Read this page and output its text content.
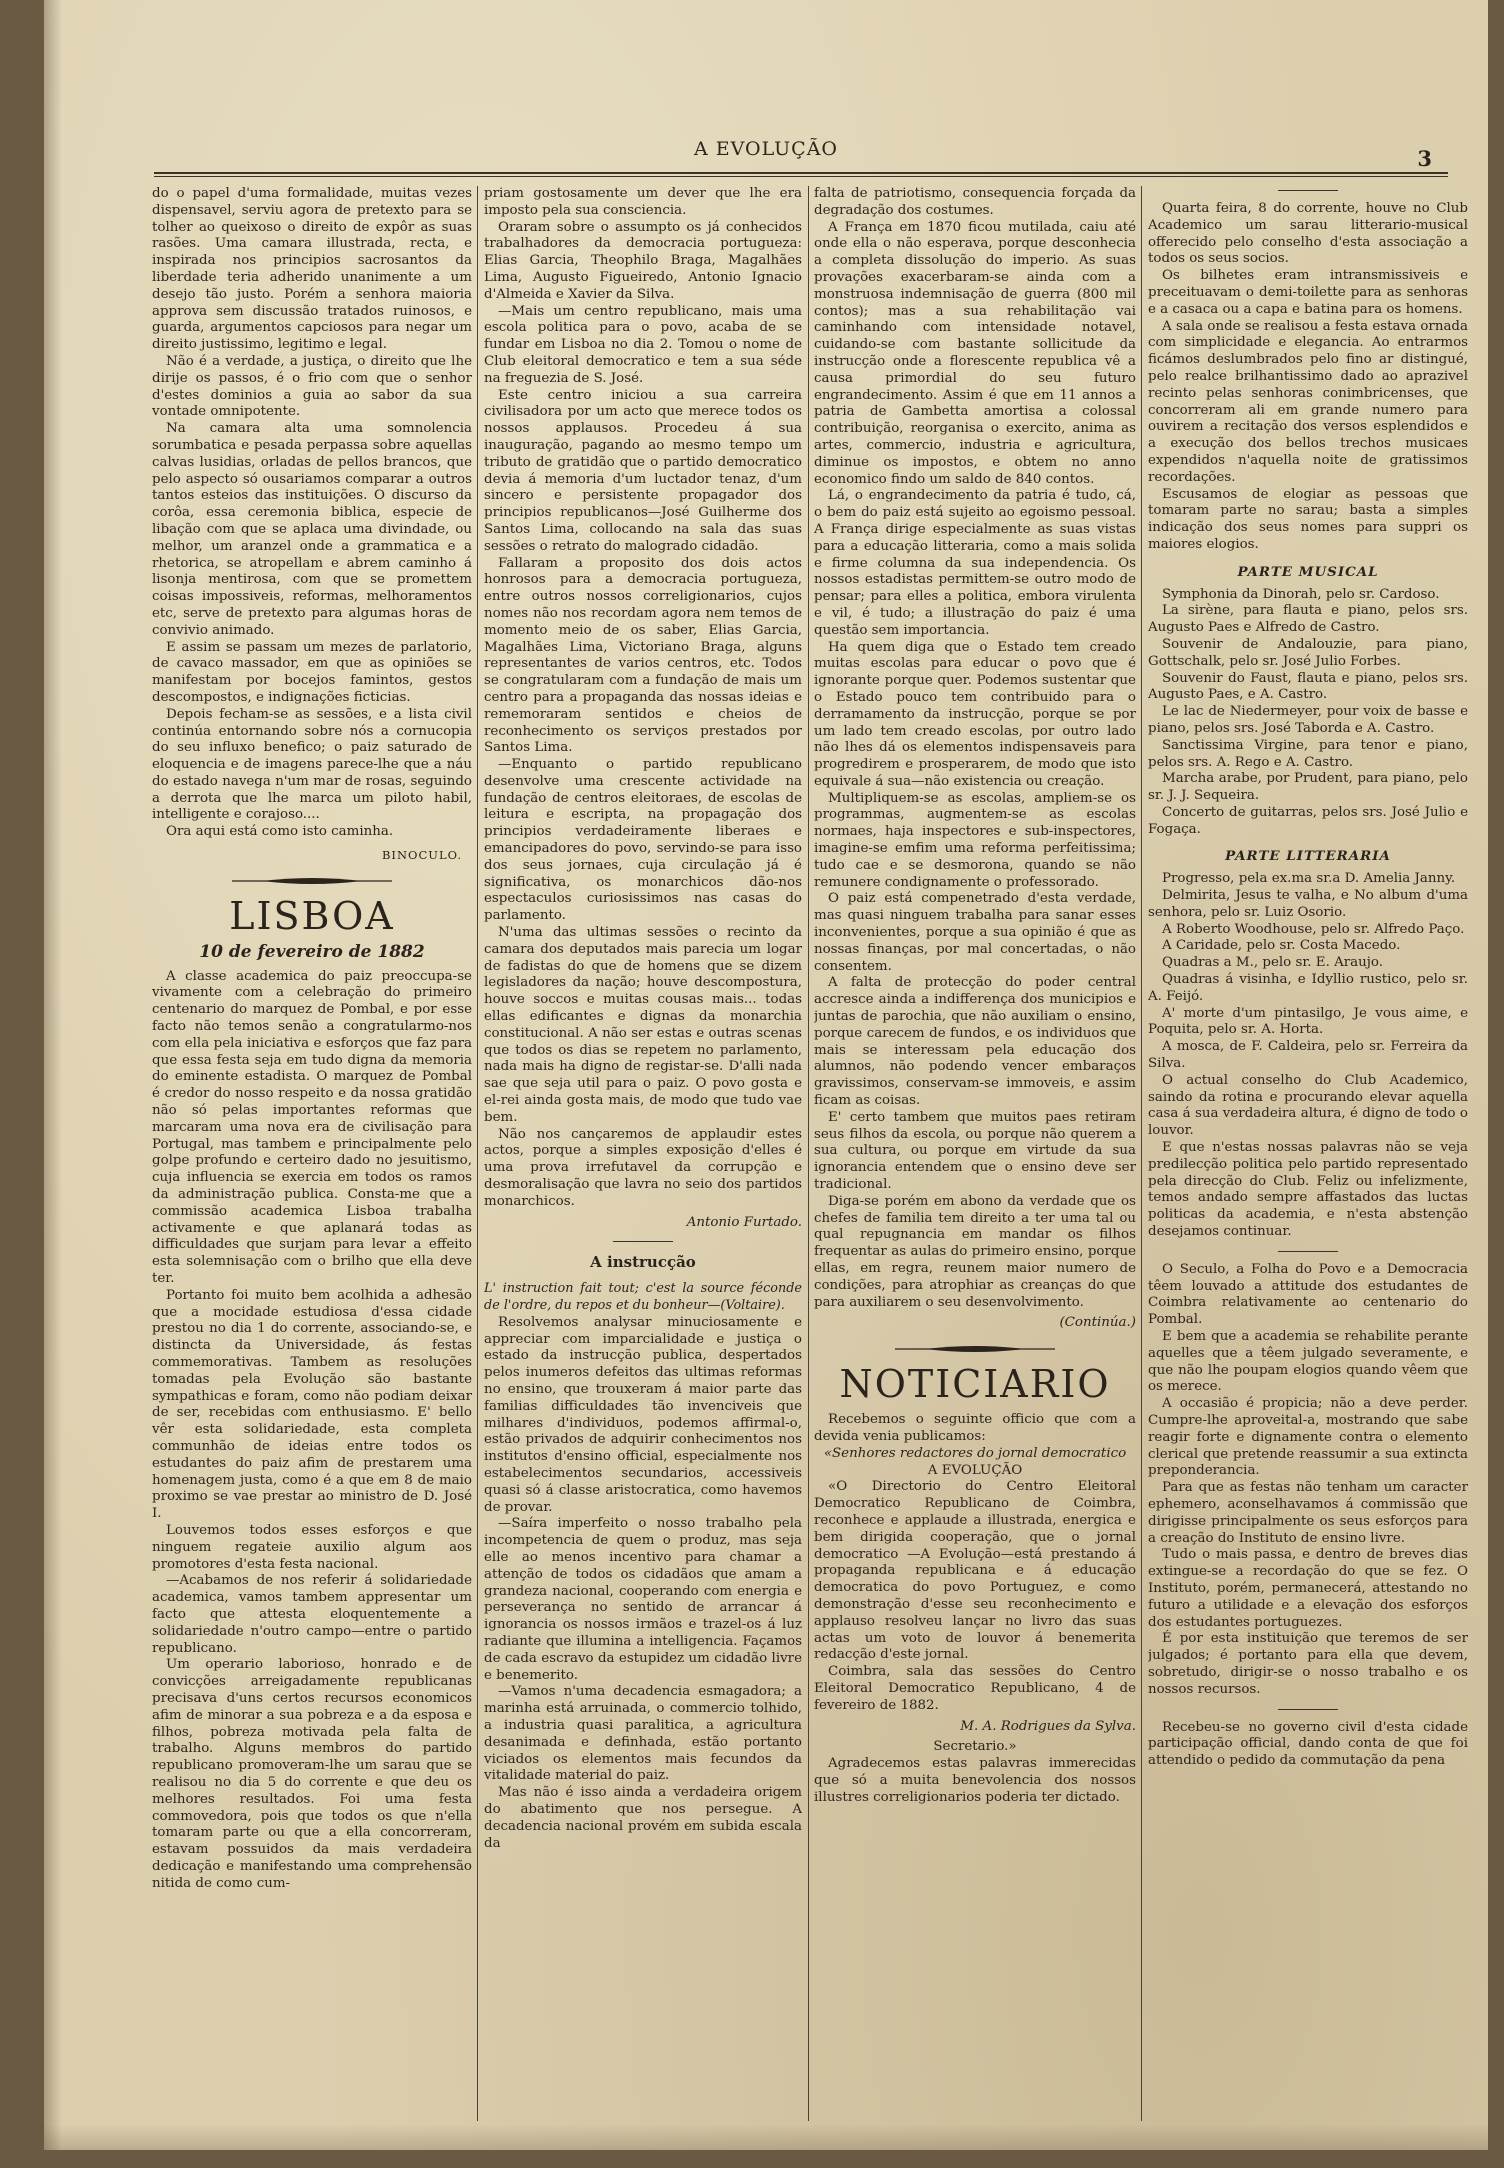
A EVOLUÇÃO	3

do o papel d'uma formalidade, muitas vezes dispensavel, serviu agora de pretexto para se tolher ao queixoso o direito de expôr as suas rasões. Uma camara illustrada, recta, e inspirada nos principios sacrosantos da liberdade teria adherido unanimente a um desejo tão justo. Porém a senhora maioria approva sem discussão tratados ruinosos, e guarda, argumentos capciosos para negar um direito justissimo, legitimo e legal.

Não é a verdade, a justiça, o direito que lhe dirije os passos, é o frio com que o senhor d'estes dominios a guia ao sabor da sua vontade omnipotente.

Na camara alta uma somnolencia sorumbatica e pesada perpassa sobre aquellas calvas lusidias, orladas de pellos brancos, que pelo aspecto só ousariamos comparar a outros tantos esteios das instituições. O discurso da corôa, essa ceremonia biblica, especie de libação com que se aplaca uma divindade, ou melhor, um aranzel onde a grammatica e a rhetorica, se atropellam e abrem caminho á lisonja mentirosa, com que se promettem coisas impossiveis, reformas, melhoramentos etc, serve de pretexto para algumas horas de convivio animado.

E assim se passam um mezes de parlatorio, de cavaco massador, em que as opiniões se manifestam por bocejos famintos, gestos descompostos, e indignações ficticias.

Depois fecham-se as sessões, e a lista civil continúa entornando sobre nós a cornucopia do seu influxo benefico; o paiz saturado de eloquencia e de imagens parece-lhe que a náu do estado navega n'um mar de rosas, seguindo a derrota que lhe marca um piloto habil, intelligente e corajoso....

Ora aqui está como isto caminha.

BINOCULO.
LISBOA
10 de fevereiro de 1882

A classe academica do paiz preoccupa-se vivamente com a celebração do primeiro centenario do marquez de Pombal, e por esse facto não temos senão a congratularmo-nos com ella pela iniciativa e esforços que faz para que essa festa seja em tudo digna da memoria do eminente estadista. O marquez de Pombal é credor do nosso respeito e da nossa gratidão não só pelas importantes reformas que marcaram uma nova era de civilisação para Portugal, mas tambem e principalmente pelo golpe profundo e certeiro dado no jesuitismo, cuja influencia se exercia em todos os ramos da administração publica. Consta-me que a commissão academica Lisboa trabalha activamente e que aplanará todas as difficuldades que surjam para levar a effeito esta solemnisação com o brilho que ella deve ter.

Portanto foi muito bem acolhida a adhesão que a mocidade estudiosa d'essa cidade prestou no dia 1 do corrente, associando-se, e distincta da Universidade, ás festas commemorativas. Tambem as resoluções tomadas pela Evolução são bastante sympathicas e foram, como não podiam deixar de ser, recebidas com enthusiasmo. E' bello vêr esta solidariedade, esta completa communhão de ideias entre todos os estudantes do paiz afim de prestarem uma homenagem justa, como é a que em 8 de maio proximo se vae prestar ao ministro de D. José I.

Louvemos todos esses esforços e que ninguem regateie auxilio algum aos promotores d'esta festa nacional.

—Acabamos de nos referir á solidariedade academica, vamos tambem appresentar um facto que attesta eloquentemente a solidariedade n'outro campo—entre o partido republicano.

Um operario laborioso, honrado e de convicções arreigadamente republicanas precisava d'uns certos recursos economicos afim de minorar a sua pobreza e a da esposa e filhos, pobreza motivada pela falta de trabalho. Alguns membros do partido republicano promoveram-lhe um sarau que se realisou no dia 5 do corrente e que deu os melhores resultados. Foi uma festa commovedora, pois que todos os que n'ella tomaram parte ou que a ella concorreram, estavam possuidos da mais verdadeira dedicação e manifestando uma comprehensão nitida de como cum-

priam gostosamente um dever que lhe era imposto pela sua consciencia.

Oraram sobre o assumpto os já conhecidos trabalhadores da democracia portugueza: Elias Garcia, Theophilo Braga, Magalhães Lima, Augusto Figueiredo, Antonio Ignacio d'Almeida e Xavier da Silva.

—Mais um centro republicano, mais uma escola politica para o povo, acaba de se fundar em Lisboa no dia 2. Tomou o nome de Club eleitoral democratico e tem a sua séde na freguezia de S. José.

Este centro iniciou a sua carreira civilisadora por um acto que merece todos os nossos applausos. Procedeu á sua inauguração, pagando ao mesmo tempo um tributo de gratidão que o partido democratico devia á memoria d'um luctador tenaz, d'um sincero e persistente propagador dos principios republicanos—José Guilherme dos Santos Lima, collocando na sala das suas sessões o retrato do malogrado cidadão.

Fallaram a proposito dos dois actos honrosos para a democracia portugueza, entre outros nossos correligionarios, cujos nomes não nos recordam agora nem temos de momento meio de os saber, Elias Garcia, Magalhães Lima, Victoriano Braga, alguns representantes de varios centros, etc. Todos se congratularam com a fundação de mais um centro para a propaganda das nossas ideias e rememoraram sentidos e cheios de reconhecimento os serviços prestados por Santos Lima.

—Enquanto o partido republicano desenvolve uma crescente actividade na fundação de centros eleitoraes, de escolas de leitura e escripta, na propagação dos principios verdadeiramente liberaes e emancipadores do povo, servindo-se para isso dos seus jornaes, cuja circulação já é significativa, os monarchicos dão-nos espectaculos curiosissimos nas casas do parlamento.

N'uma das ultimas sessões o recinto da camara dos deputados mais parecia um logar de fadistas do que de homens que se dizem legisladores da nação; houve descompostura, houve soccos e muitas cousas mais... todas ellas edificantes e dignas da monarchia constitucional. A não ser estas e outras scenas que todos os dias se repetem no parlamento, nada mais ha digno de registar-se. D'alli nada sae que seja util para o paiz. O povo gosta e el-rei ainda gosta mais, de modo que tudo vae bem.

Não nos cançaremos de applaudir estes actos, porque a simples exposição d'elles é uma prova irrefutavel da corrupção e desmoralisação que lavra no seio dos partidos monarchicos.

Antonio Furtado.
A instrucção

L' instruction fait tout; c'est la source féconde de l'ordre, du repos et du bonheur—(Voltaire).

Resolvemos analysar minuciosamente e appreciar com imparcialidade e justiça o estado da instrucção publica, despertados pelos inumeros defeitos das ultimas reformas no ensino, que trouxeram á maior parte das familias difficuldades tão invenciveis que milhares d'individuos, podemos affirmal-o, estão privados de adquirir conhecimentos nos institutos d'ensino official, especialmente nos estabelecimentos secundarios, accessiveis quasi só á classe aristocratica, como havemos de provar.

—Saíra imperfeito o nosso trabalho pela incompetencia de quem o produz, mas seja elle ao menos incentivo para chamar a attenção de todos os cidadãos que amam a grandeza nacional, cooperando com energia e perseverança no sentido de arrancar á ignorancia os nossos irmãos e trazel-os á luz radiante que illumina a intelligencia. Façamos de cada escravo da estupidez um cidadão livre e benemerito.

—Vamos n'uma decadencia esmagadora; a marinha está arruinada, o commercio tolhido, a industria quasi paralitica, a agricultura desanimada e definhada, estão portanto viciados os elementos mais fecundos da vitalidade material do paiz.

Mas não é isso ainda a verdadeira origem do abatimento que nos persegue. A decadencia nacional provém em subida escala da

falta de patriotismo, consequencia forçada da degradação dos costumes.

A França em 1870 ficou mutilada, caiu até onde ella o não esperava, porque desconhecia a completa dissolução do imperio. As suas provações exacerbaram-se ainda com a monstruosa indemnisação de guerra (800 mil contos); mas a sua rehabilitação vai caminhando com intensidade notavel, cuidando-se com bastante sollicitude da instrucção onde a florescente republica vê a causa primordial do seu futuro engrandecimento. Assim é que em 11 annos a patria de Gambetta amortisa a colossal contribuição, reorganisa o exercito, anima as artes, commercio, industria e agricultura, diminue os impostos, e obtem no anno economico findo um saldo de 840 contos.

Lá, o engrandecimento da patria é tudo, cá, o bem do paiz está sujeito ao egoismo pessoal. A França dirige especialmente as suas vistas para a educação litteraria, como a mais solida e firme columna da sua independencia. Os nossos estadistas permittem-se outro modo de pensar; para elles a politica, embora virulenta e vil, é tudo; a illustração do paiz é uma questão sem importancia.

Ha quem diga que o Estado tem creado muitas escolas para educar o povo que é ignorante porque quer. Podemos sustentar que o Estado pouco tem contribuido para o derramamento da instrucção, porque se por um lado tem creado escolas, por outro lado não lhes dá os elementos indispensaveis para progredirem e prosperarem, de modo que isto equivale á sua—não existencia ou creação.

Multipliquem-se as escolas, ampliem-se os programmas, augmentem-se as escolas normaes, haja inspectores e sub-inspectores, imagine-se emfim uma reforma perfeitissima; tudo cae e se desmorona, quando se não remunere condignamente o professorado.

O paiz está compenetrado d'esta verdade, mas quasi ninguem trabalha para sanar esses inconvenientes, porque a sua opinião é que as nossas finanças, por mal concertadas, o não consentem.

A falta de protecção do poder central accresce ainda a indifferença dos municipios e juntas de parochia, que não auxiliam o ensino, porque carecem de fundos, e os individuos que mais se interessam pela educação dos alumnos, não podendo vencer embaraços gravissimos, conservam-se immoveis, e assim ficam as coisas.

E' certo tambem que muitos paes retiram seus filhos da escola, ou porque não querem a sua cultura, ou porque em virtude da sua ignorancia entendem que o ensino deve ser tradicional.

Diga-se porém em abono da verdade que os chefes de familia tem direito a ter uma tal ou qual repugnancia em mandar os filhos frequentar as aulas do primeiro ensino, porque ellas, em regra, reunem maior numero de condições, para atrophiar as creanças do que para auxiliarem o seu desenvolvimento.

(Continúa.)
NOTICIARIO

Recebemos o seguinte officio que com a devida venia publicamos:

«Senhores redactores do jornal democratico

A EVOLUÇÃO

«O Directorio do Centro Eleitoral Democratico Republicano de Coimbra, reconhece e applaude a illustrada, energica e bem dirigida cooperação, que o jornal democratico —A Evolução—está prestando á propaganda republicana e á educação democratica do povo Portuguez, e como demonstração d'esse seu reconhecimento e applauso resolveu lançar no livro das suas actas um voto de louvor á benemerita redacção d'este jornal.

Coimbra, sala das sessões do Centro Eleitoral Democratico Republicano, 4 de fevereiro de 1882.

M. A. Rodrigues da Sylva.
Secretario.»

Agradecemos estas palavras immerecidas que só a muita benevolencia dos nossos illustres correligionarios poderia ter dictado.

Quarta feira, 8 do corrente, houve no Club Academico um sarau litterario-musical offerecido pelo conselho d'esta associação a todos os seus socios.

Os bilhetes eram intransmissiveis e preceituavam o demi-toilette para as senhoras e a casaca ou a capa e batina para os homens.

A sala onde se realisou a festa estava ornada com simplicidade e elegancia. Ao entrarmos ficámos deslumbrados pelo fino ar distingué, pelo realce brilhantissimo dado ao aprazivel recinto pelas senhoras conimbricenses, que concorreram ali em grande numero para ouvirem a recitação dos versos esplendidos e a execução dos bellos trechos musicaes expendidos n'aquella noite de gratissimos recordações.

Escusamos de elogiar as pessoas que tomaram parte no sarau; basta a simples indicação dos seus nomes para suppri os maiores elogios.

PARTE MUSICAL

Symphonia da Dinorah, pelo sr. Cardoso.

La sirène, para flauta e piano, pelos srs. Augusto Paes e Alfredo de Castro.

Souvenir de Andalouzie, para piano, Gottschalk, pelo sr. José Julio Forbes.

Souvenir do Faust, flauta e piano, pelos srs. Augusto Paes, e A. Castro.

Le lac de Niedermeyer, pour voix de basse e piano, pelos srs. José Taborda e A. Castro.

Sanctissima Virgine, para tenor e piano, pelos srs. A. Rego e A. Castro.

Marcha arabe, por Prudent, para piano, pelo sr. J. J. Sequeira.

Concerto de guitarras, pelos srs. José Julio e Fogaça.

PARTE LITTERARIA

Progresso, pela ex.ma sr.a D. Amelia Janny.

Delmirita, Jesus te valha, e No album d'uma senhora, pelo sr. Luiz Osorio.

A Roberto Woodhouse, pelo sr. Alfredo Paço.

A Caridade, pelo sr. Costa Macedo.

Quadras a M., pelo sr. E. Araujo.

Quadras á visinha, e Idyllio rustico, pelo sr. A. Feijó.

A' morte d'um pintasilgo, Je vous aime, e Poquita, pelo sr. A. Horta.

A mosca, de F. Caldeira, pelo sr. Ferreira da Silva.

O actual conselho do Club Academico, saindo da rotina e procurando elevar aquella casa á sua verdadeira altura, é digno de todo o louvor.

E que n'estas nossas palavras não se veja predilecção politica pelo partido representado pela direcção do Club. Feliz ou infelizmente, temos andado sempre affastados das luctas politicas da academia, e n'esta abstenção desejamos continuar.

O Seculo, a Folha do Povo e a Democracia têem louvado a attitude dos estudantes de Coimbra relativamente ao centenario do Pombal.

E bem que a academia se rehabilite perante aquelles que a têem julgado severamente, e que não lhe poupam elogios quando vêem que os merece.

A occasião é propicia; não a deve perder. Cumpre-lhe aproveital-a, mostrando que sabe reagir forte e dignamente contra o elemento clerical que pretende reassumir a sua extincta preponderancia.

Para que as festas não tenham um caracter ephemero, aconselhavamos á commissão que dirigisse principalmente os seus esforços para a creação do Instituto de ensino livre.

Tudo o mais passa, e dentro de breves dias extingue-se a recordação do que se fez. O Instituto, porém, permanecerá, attestando no futuro a utilidade e a elevação dos esforços dos estudantes portuguezes.

É por esta instituição que teremos de ser julgados; é portanto para ella que devem, sobretudo, dirigir-se o nosso trabalho e os nossos recursos.

Recebeu-se no governo civil d'esta cidade participação official, dando conta de que foi attendido o pedido da commutação da pena
